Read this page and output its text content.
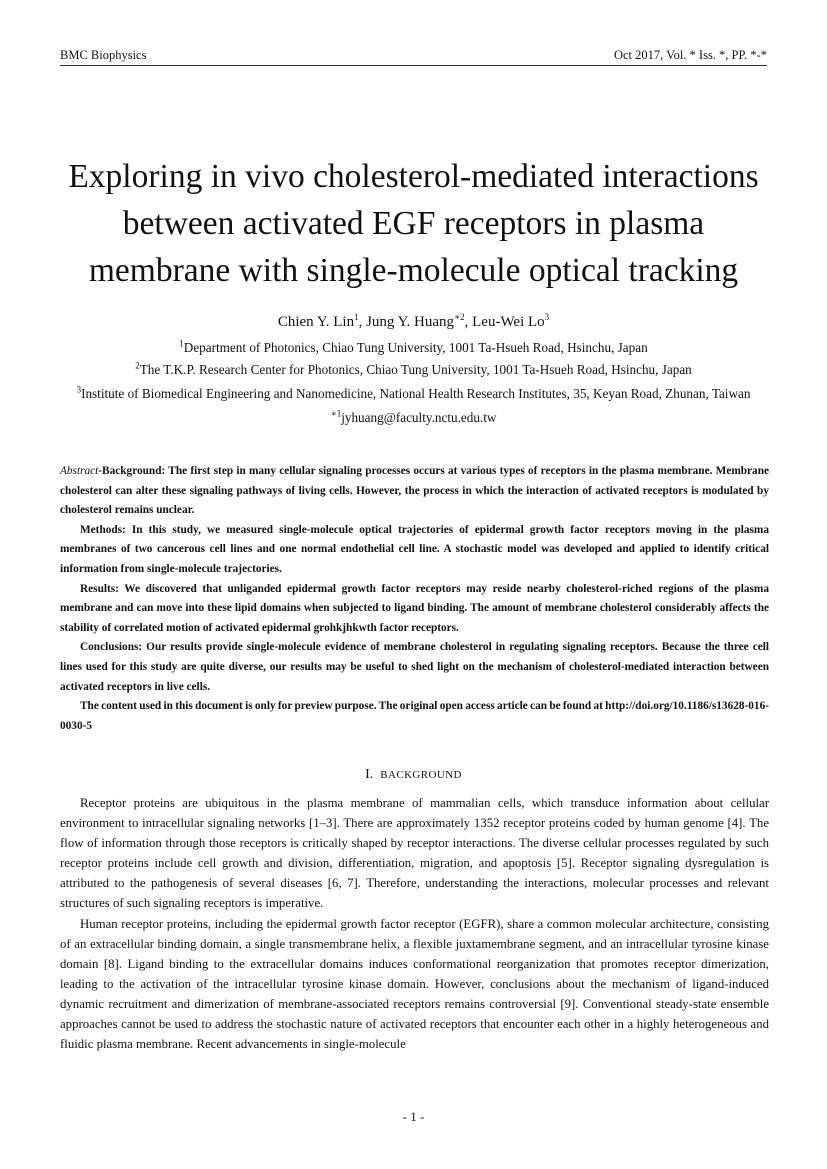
BMC Biophysics	Oct 2017, Vol. * Iss. *, PP. *-*
Exploring in vivo cholesterol-mediated interactions
between activated EGF receptors in plasma
membrane with single-molecule optical tracking
Chien Y. Lin$^1$, Jung Y. Huang$^{∗2}$, Leu-Wei Lo$^3$
$^1$Department of Photonics, Chiao Tung University, 1001 Ta-Hsueh Road, Hsinchu, Japan
$^2$The T.K.P. Research Center for Photonics, Chiao Tung University, 1001 Ta-Hsueh Road, Hsinchu, Japan
$^3$Institute of Biomedical Engineering and Nanomedicine, National Health Research Institutes, 35, Keyan Road, Zhunan, Taiwan
$^{∗1}$jyhuang@faculty.nctu.edu.tw

Abstract-Background: The first step in many cellular signaling processes occurs at various types of receptors in the plasma membrane. Membrane cholesterol can alter these signaling pathways of living cells. However, the process in which the interaction of activated receptors is modulated by cholesterol remains unclear.

Methods: In this study, we measured single-molecule optical trajectories of epidermal growth factor receptors moving in the plasma membranes of two cancerous cell lines and one normal endothelial cell line. A stochastic model was developed and applied to identify critical information from single-molecule trajectories.

Results: We discovered that unliganded epidermal growth factor receptors may reside nearby cholesterol-riched regions of the plasma membrane and can move into these lipid domains when subjected to ligand binding. The amount of membrane cholesterol considerably affects the stability of correlated motion of activated epidermal grohkjhkwth factor receptors.

Conclusions: Our results provide single-molecule evidence of membrane cholesterol in regulating signaling receptors. Because the three cell lines used for this study are quite diverse, our results may be useful to shed light on the mechanism of cholesterol-mediated interaction between activated receptors in live cells.

The content used in this document is only for preview purpose. The original open access article can be found at http://doi.org/10.1186/s13628-016-0030-5

I. BACKGROUND

Receptor proteins are ubiquitous in the plasma membrane of mammalian cells, which transduce information about cellular environment to intracellular signaling networks [1–3]. There are approximately 1352 receptor proteins coded by human genome [4]. The flow of information through those receptors is critically shaped by receptor interactions. The diverse cellular processes regulated by such receptor proteins include cell growth and division, differentiation, migration, and apoptosis [5]. Receptor signaling dysregulation is attributed to the pathogenesis of several diseases [6, 7]. Therefore, understanding the interactions, molecular processes and relevant structures of such signaling receptors is imperative.

Human receptor proteins, including the epidermal growth factor receptor (EGFR), share a common molecular architecture, consisting of an extracellular binding domain, a single transmembrane helix, a flexible juxtamembrane segment, and an intracellular tyrosine kinase domain [8]. Ligand binding to the extracellular domains induces conformational reorganization that promotes receptor dimerization, leading to the activation of the intracellular tyrosine kinase domain. However, conclusions about the mechanism of ligand-induced dynamic recruitment and dimerization of membrane-associated receptors remains controversial [9]. Conventional steady-state ensemble approaches cannot be used to address the stochastic nature of activated receptors that encounter each other in a highly heterogeneous and fluidic plasma membrane. Recent advancements in single-molecule

- 1 -
